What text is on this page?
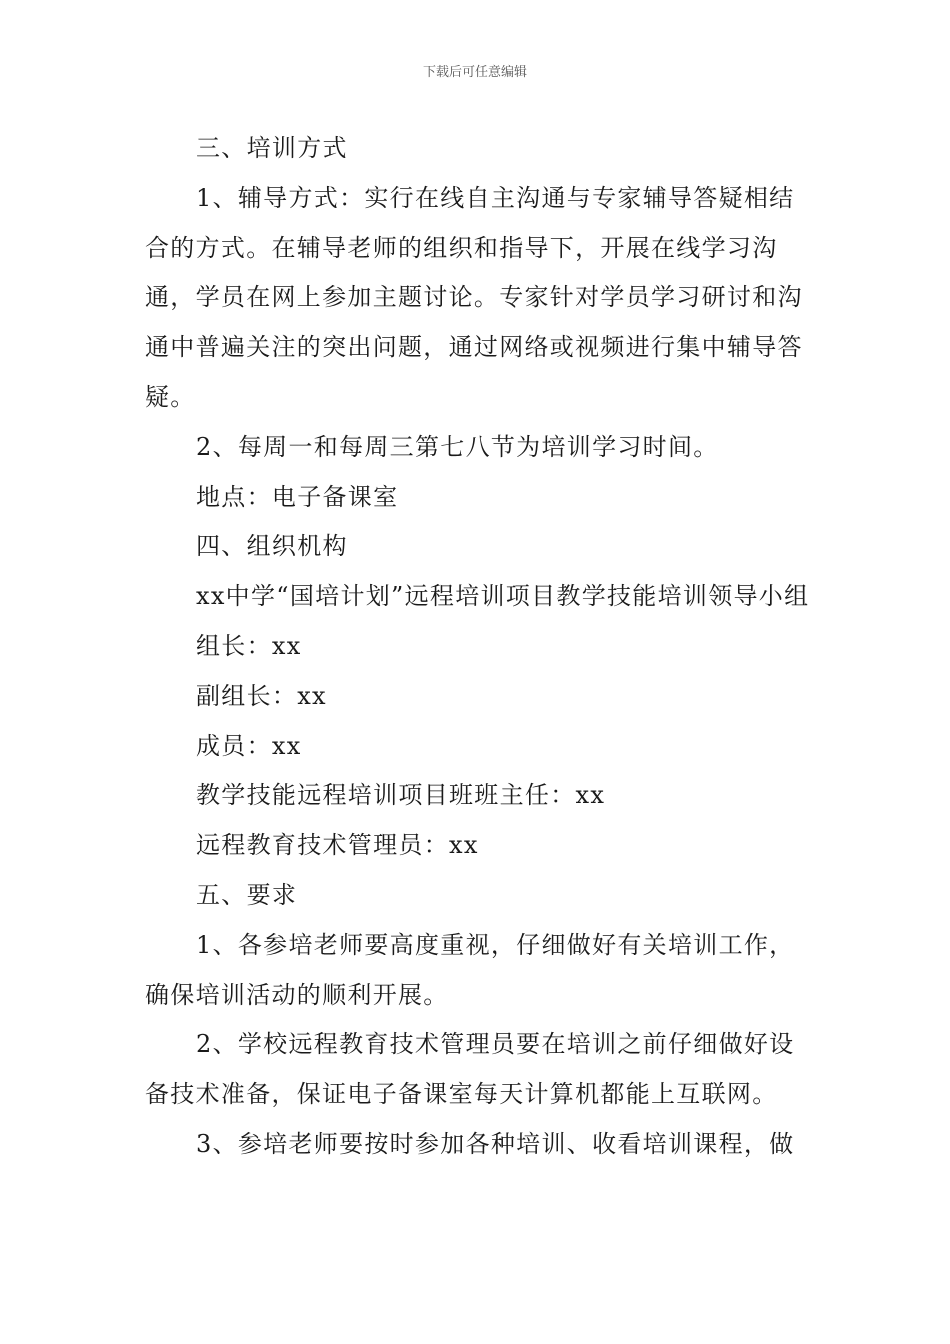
下载后可任意编辑

三、培训方式

1、辅导方式：实行在线自主沟通与专家辅导答疑相结合的方式。在辅导老师的组织和指导下，开展在线学习沟通，学员在网上参加主题讨论。专家针对学员学习研讨和沟通中普遍关注的突出问题，通过网络或视频进行集中辅导答疑。

2、每周一和每周三第七八节为培训学习时间。

地点：电子备课室

四、组织机构

xx中学“国培计划”远程培训项目教学技能培训领导小组

组长：xx

副组长：xx

成员：xx

教学技能远程培训项目班班主任：xx

远程教育技术管理员：xx

五、要求

1、各参培老师要高度重视，仔细做好有关培训工作，确保培训活动的顺利开展。

2、学校远程教育技术管理员要在培训之前仔细做好设备技术准备，保证电子备课室每天计算机都能上互联网。

3、参培老师要按时参加各种培训、收看培训课程，做
